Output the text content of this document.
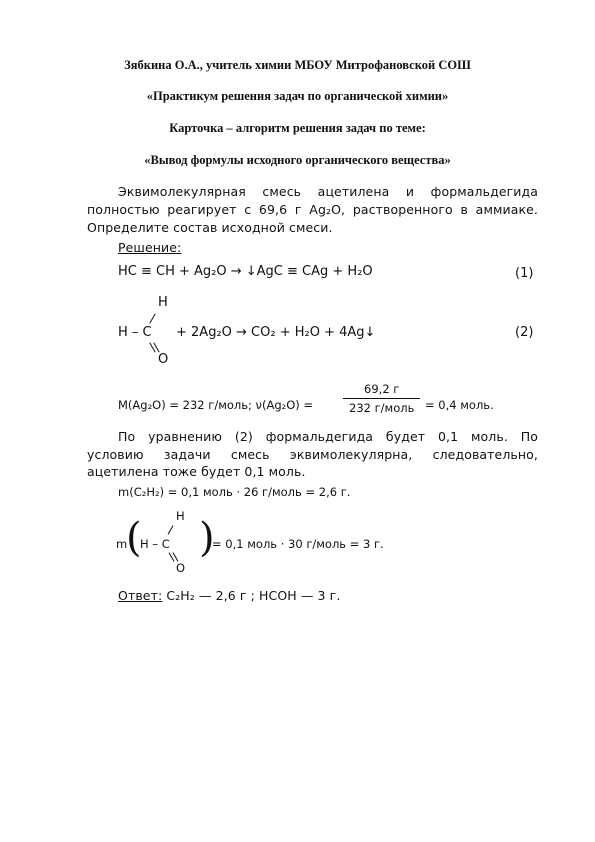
Зябкина О.А., учитель химии МБОУ Митрофановской СОШ
«Практикум решения задач по органической химии»
Карточка – алгоритм решения задач по теме:
«Вывод формулы исходного органического вещества»
Эквимолекулярная смесь ацетилена и формальдегида
полностью реагирует с 69,6 г Ag₂O, растворенного в аммиаке.
Определите состав исходной смеси.
Решение:
HC ≡ CH + Ag₂O → ↓AgC ≡ CAg + H₂O	(1)
H
H – C
O
+ 2Ag₂O → CO₂ + H₂O + 4Ag↓	(2)
M(Ag₂O) = 232 г/моль; ν(Ag₂O) =	$\frac{69,2 г}{\text{232 г/моль}} = 0,4$ моль.
По уравнению (2) формальдегида будет 0,1 моль. По
условию задачи смесь эквимолекулярна, следовательно,
ацетилена тоже будет 0,1 моль.
m(C₂H₂) = 0,1 моль · 26 г/моль = 2,6 г.
m
(	H
H – C
O
)
= 0,1 моль · 30 г/моль = 3 г.
Ответ: C₂H₂ — 2,6 г ; HCOH — 3 г.
